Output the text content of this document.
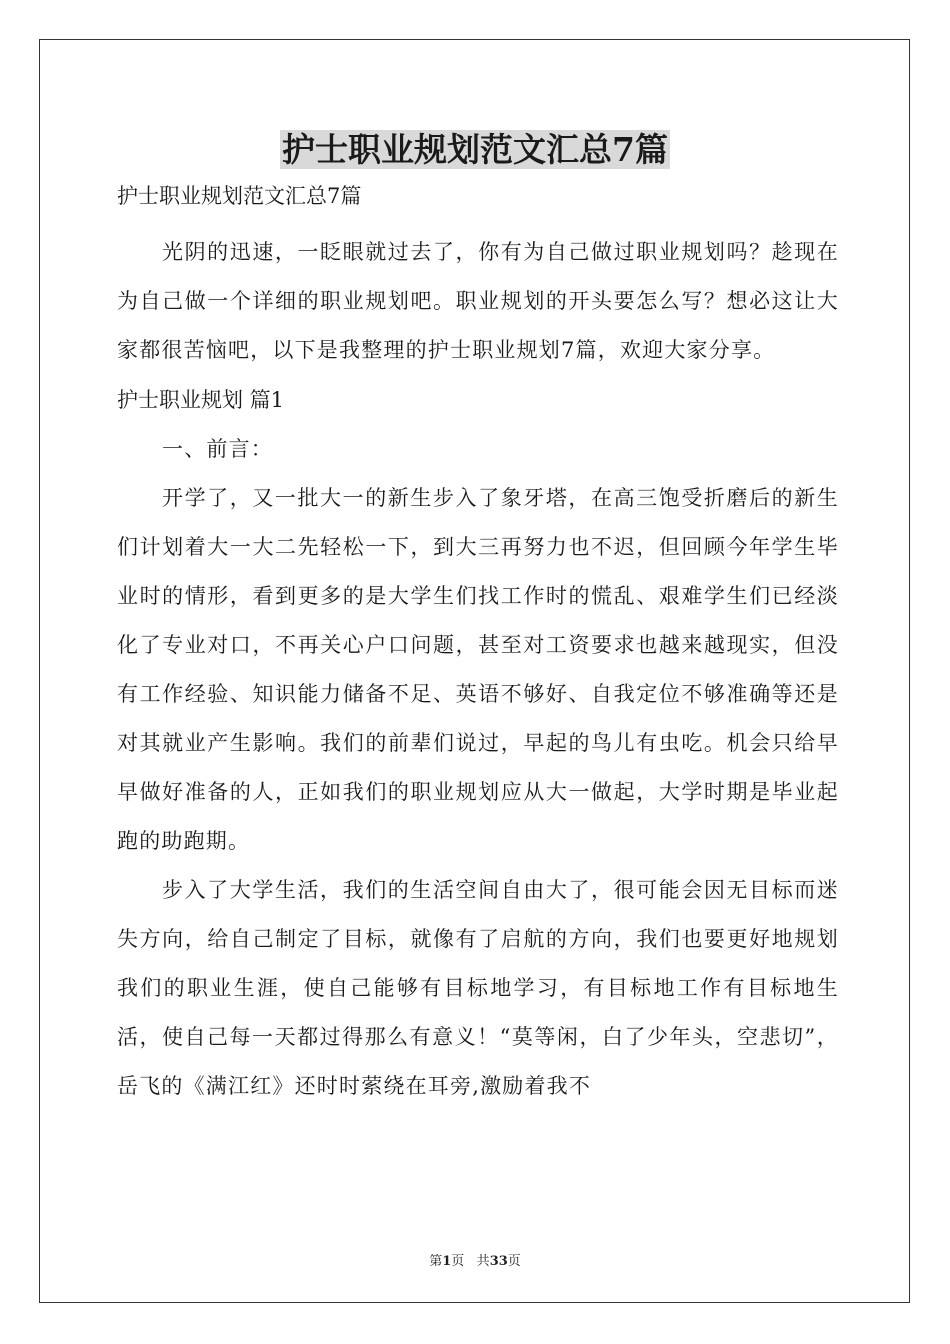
护士职业规划范文汇总7篇

护士职业规划范文汇总7篇

光阴的迅速，一眨眼就过去了，你有为自己做过职业规划吗？趁现在为自己做一个详细的职业规划吧。职业规划的开头要怎么写？想必这让大家都很苦恼吧，以下是我整理的护士职业规划7篇，欢迎大家分享。

护士职业规划 篇1

一、前言：

开学了，又一批大一的新生步入了象牙塔，在高三饱受折磨后的新生们计划着大一大二先轻松一下，到大三再努力也不迟，但回顾今年学生毕业时的情形，看到更多的是大学生们找工作时的慌乱、艰难学生们已经淡化了专业对口，不再关心户口问题，甚至对工资要求也越来越现实，但没有工作经验、知识能力储备不足、英语不够好、自我定位不够准确等还是对其就业产生影响。我们的前辈们说过，早起的鸟儿有虫吃。机会只给早早做好准备的人，正如我们的职业规划应从大一做起，大学时期是毕业起跑的助跑期。

步入了大学生活，我们的生活空间自由大了，很可能会因无目标而迷失方向，给自己制定了目标，就像有了启航的方向，我们也要更好地规划我们的职业生涯，使自己能够有目标地学习，有目标地工作有目标地生活，使自己每一天都过得那么有意义！“莫等闲，白了少年头，空悲切”，岳飞的《满江红》还时时萦绕在耳旁,激励着我不

第1页 共33页
